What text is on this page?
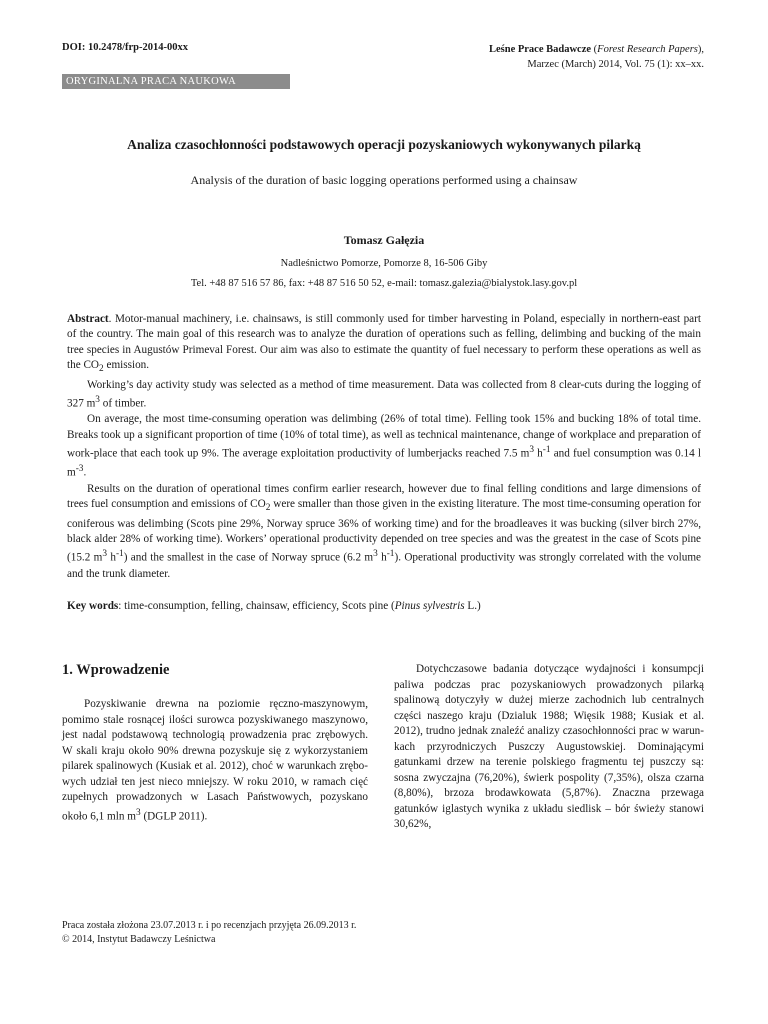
DOI: 10.2478/frp-2014-00xx	Leśne Prace Badawcze (Forest Research Papers),
Marzec (March) 2014, Vol. 75 (1): xx–xx.
ORYGINALNA PRACA NAUKOWA
Analiza czasochłonności podstawowych operacji pozyskaniowych wykonywanych pilarką
Analysis of the duration of basic logging operations performed using a chainsaw
Tomasz Gałęzia
Nadleśnictwo Pomorze, Pomorze 8, 16-506 Giby
Tel. +48 87 516 57 86, fax: +48 87 516 50 52, e-mail: tomasz.galezia@bialystok.lasy.gov.pl

Abstract. Motor-manual machinery, i.e. chainsaws, is still commonly used for timber harvesting in Poland, especially in northern-east part of the country. The main goal of this research was to analyze the duration of operations such as felling, delimbing and bucking of the main tree species in Augustów Primeval Forest. Our aim was also to estimate the quantity of fuel necessary to perform these operations as well as the $CO_2$ emission.

Working’s day activity study was selected as a method of time measurement. Data was collected from 8 clear-cuts during the logging of 327 $m^3$ of timber.

On average, the most time-consuming operation was delimbing (26% of total time). Felling took 15% and bucking 18% of total time. Breaks took up a significant proportion of time (10% of total time), as well as technical maintenance, change of workplace and preparation of work-place that each took up 9%. The average exploitation productivity of lumberjacks reached 7.5 $m^3$ $h^{-1}$ and fuel consumption was 0.14 l $m^{-3}$.

Results on the duration of operational times confirm earlier research, however due to final felling conditions and large dimensions of trees fuel consumption and emissions of $CO_2$ were smaller than those given in the existing literature. The most time-consuming operation for coniferous was delimbing (Scots pine 29%, Norway spruce 36% of working time) and for the broadleaves it was bucking (silver birch 27%, black alder 28% of working time). Workers’ operational productivity depended on tree species and was the greatest in the case of Scots pine (15.2 $m^3$ $h^{-1}$) and the smallest in the case of Norway spruce (6.2 $m^3$ $h^{-1}$). Operational productivity was strongly correlated with the volume and the trunk diameter.

Key words: time-consumption, felling, chainsaw, efficiency, Scots pine (Pinus sylvestris L.)
1. Wprowadzenie

Pozyskiwanie drewna na poziomie ręczno-maszynowym, pomimo stale rosnącej ilości surowca pozyskiwanego maszynowo, jest nadal podstawową technologią prowadzenia prac zrębowych. W skali kraju około 90% drewna pozyskuje się z wykorzystaniem pilarek spalinowych (Kusiak et al. 2012), choć w warunkach zrębowych udział ten jest nieco mniejszy. W roku 2010, w ramach cięć zupełnych prowadzonych w Lasach Państwowych, pozyskano około 6,1 mln $m^3$ (DGLP 2011).

Dotychczasowe badania dotyczące wydajności i konsumpcji paliwa podczas prac pozyskaniowych prowadzonych pilarką spalinową dotyczyły w dużej mierze zachodnich lub centralnych części naszego kraju (Dzialuk 1988; Więsik 1988; Kusiak et al. 2012), trudno jednak znaleźć analizy czasochłonności prac w warunkach przyrodniczych Puszczy Augustowskiej. Dominającymi gatunkami drzew na terenie polskiego fragmentu tej puszczy są: sosna zwyczajna (76,20%), świerk pospolity (7,35%), olsza czarna (8,80%), brzoza brodawkowata (5,87%). Znaczna przewaga gatunków iglastych wynika z układu siedlisk – bór świeży stanowi 30,62%,

Praca została złożona 23.07.2013 r. i po recenzjach przyjęta 26.09.2013 r.
© 2014, Instytut Badawczy Leśnictwa
